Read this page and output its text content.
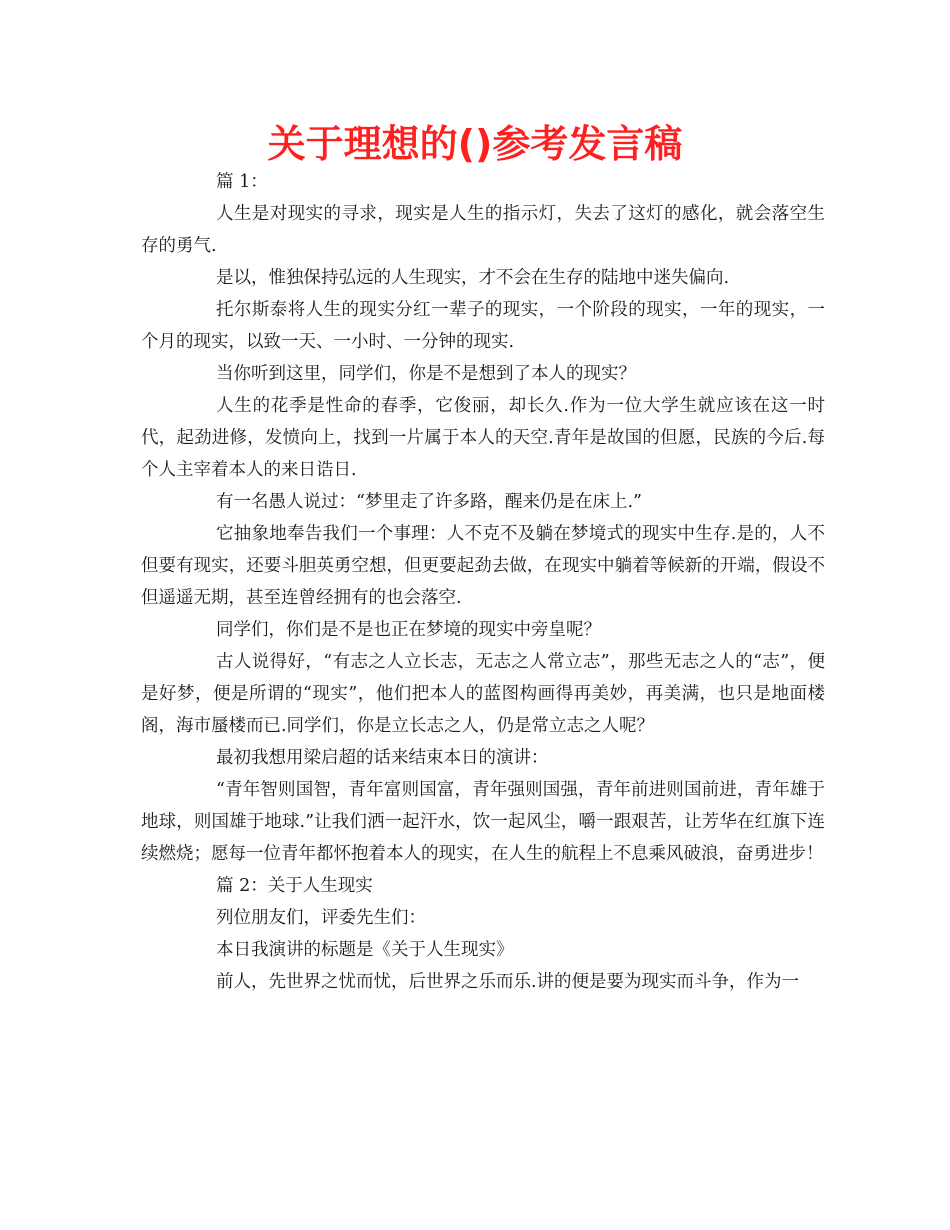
关于理想的()参考发言稿

篇 1：

人生是对现实的寻求，现实是人生的指示灯，失去了这灯的感化，就会落空生存的勇气.

是以，惟独保持弘远的人生现实，才不会在生存的陆地中迷失偏向.

托尔斯泰将人生的现实分红一辈子的现实，一个阶段的现实，一年的现实，一个月的现实，以致一天、一小时、一分钟的现实.

当你听到这里，同学们，你是不是想到了本人的现实？

人生的花季是性命的春季，它俊丽，却长久.作为一位大学生就应该在这一时代，起劲进修，发愤向上，找到一片属于本人的天空.青年是故国的但愿，民族的今后.每个人主宰着本人的来日诰日.

有一名愚人说过：“梦里走了许多路，醒来仍是在床上.”

它抽象地奉告我们一个事理：人不克不及躺在梦境式的现实中生存.是的，人不但要有现实，还要斗胆英勇空想，但更要起劲去做，在现实中躺着等候新的开端，假设不但遥遥无期，甚至连曾经拥有的也会落空.

同学们，你们是不是也正在梦境的现实中旁皇呢？

古人说得好，“有志之人立长志，无志之人常立志”，那些无志之人的“志”，便是好梦，便是所谓的“现实”，他们把本人的蓝图构画得再美妙，再美满，也只是地面楼阁，海市蜃楼而已.同学们，你是立长志之人，仍是常立志之人呢？

最初我想用梁启超的话来结束本日的演讲：

“青年智则国智，青年富则国富，青年强则国强，青年前进则国前进，青年雄于地球，则国雄于地球.”让我们洒一起汗水，饮一起风尘，嚼一跟艰苦，让芳华在红旗下连续燃烧；愿每一位青年都怀抱着本人的现实，在人生的航程上不息乘风破浪，奋勇进步！

篇 2：关于人生现实

列位朋友们，评委先生们：

本日我演讲的标题是《关于人生现实》

前人，先世界之忧而忧，后世界之乐而乐.讲的便是要为现实而斗争，作为一
